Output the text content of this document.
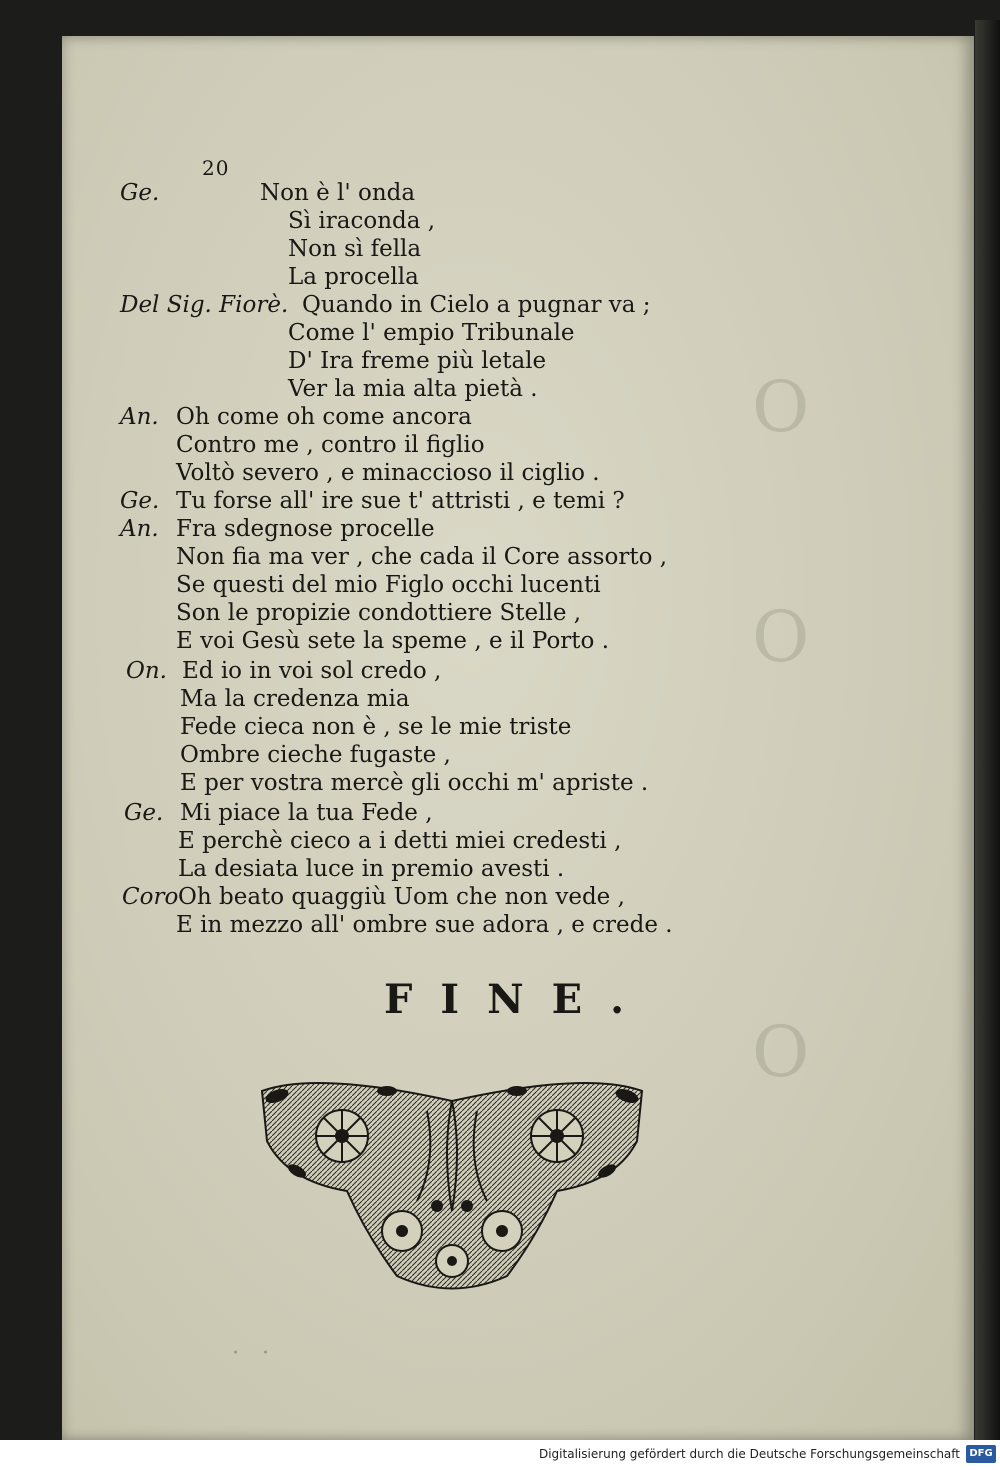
O
O
O
20
Ge.	Non è l' onda
Sì iraconda ,
Non sì fella
La procella
Del Sig. Fiorè. Quando in Cielo a pugnar va ;
Come l' empio Tribunale
D' Ira freme più letale
Ver la mia alta pietà .
An. Oh come oh come ancora
Contro me , contro il figlio
Voltò severo , e minaccioso il ciglio .
Ge. Tu forse all' ire sue t' attristi , e temi ?
An. Fra sdegnose procelle
Non fia ma ver , che cada il Core assorto ,
Se questi del mio Figlo occhi lucenti
Son le propizie condottiere Stelle ,
E voi Gesù sete la speme , e il Porto .
On. Ed io in voi sol credo ,
Ma la credenza mia
Fede cieca non è , se le mie triste
Ombre cieche fugaste ,
E per vostra mercè gli occhi m' apriste .
Ge. Mi piace la tua Fede ,
E perchè cieco a i detti miei credesti ,
La desiata luce in premio avesti .
Coro Oh beato quaggiù Uom che non vede ,
E in mezzo all' ombre sue adora , e crede .
FINE.
· ·
Digitalisierung gefördert durch die Deutsche Forschungsgemeinschaft DFG
